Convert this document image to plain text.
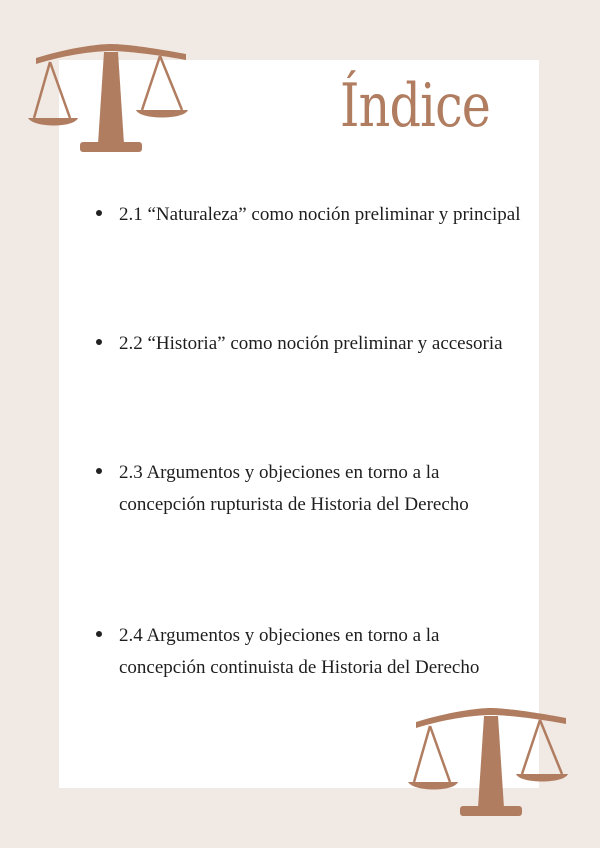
Índice
2.1 “Naturaleza” como noción preliminar y principal
2.2 “Historia” como noción preliminar y accesoria
2.3 Argumentos y objeciones en torno a la concepción rupturista de Historia del Derecho
2.4 Argumentos y objeciones en torno a la concepción continuista de Historia del Derecho
